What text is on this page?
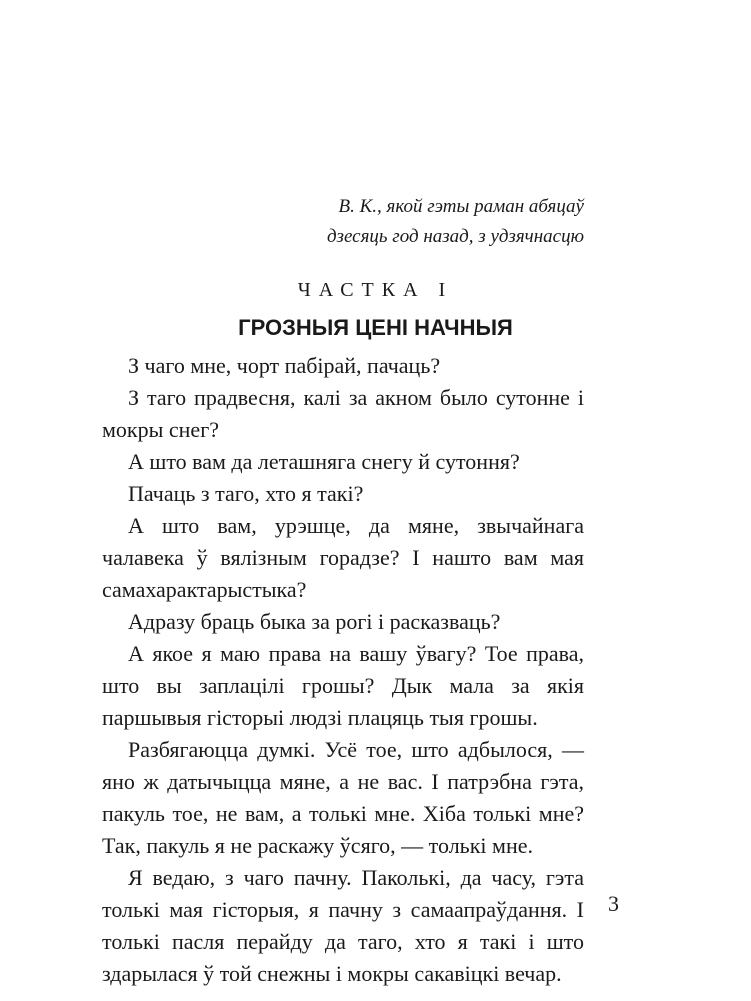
В. К., якой гэты раман абяцаў
дзесяць год назад, з удзячнасцю
ЧАСТКА I
ГРОЗНЫЯ ЦЕНІ НАЧНЫЯ

З чаго мне, чорт пабірай, пачаць?

З таго прадвесня, калі за акном было сутонне і мокры снег?

А што вам да леташняга снегу й сутоння?

Пачаць з таго, хто я такі?

А што вам, урэшце, да мяне, звычайнага чалавека ў вялізным горадзе? І нашто вам мая самахарактарыстыка?

Адразу браць быка за рогі і расказваць?

А якое я маю права на вашу ўвагу? Тое права, што вы заплацілі грошы? Дык мала за якія паршывыя гісторыі людзі плацяць тыя грошы.

Разбягаюцца думкі. Усё тое, што адбылося, — яно ж датычыцца мяне, а не вас. І патрэбна гэта, пакуль тое, не вам, а толькі мне. Хіба толькі мне? Так, пакуль я не раскажу ўсяго, — толькі мне.

Я ведаю, з чаго пачну. Паколькі, да часу, гэта толькі мая гісторыя, я пачну з самаапраўдання. І толькі пасля перайду да таго, хто я такі і што здарылася ў той снежны і мокры сакавіцкі вечар.

3
